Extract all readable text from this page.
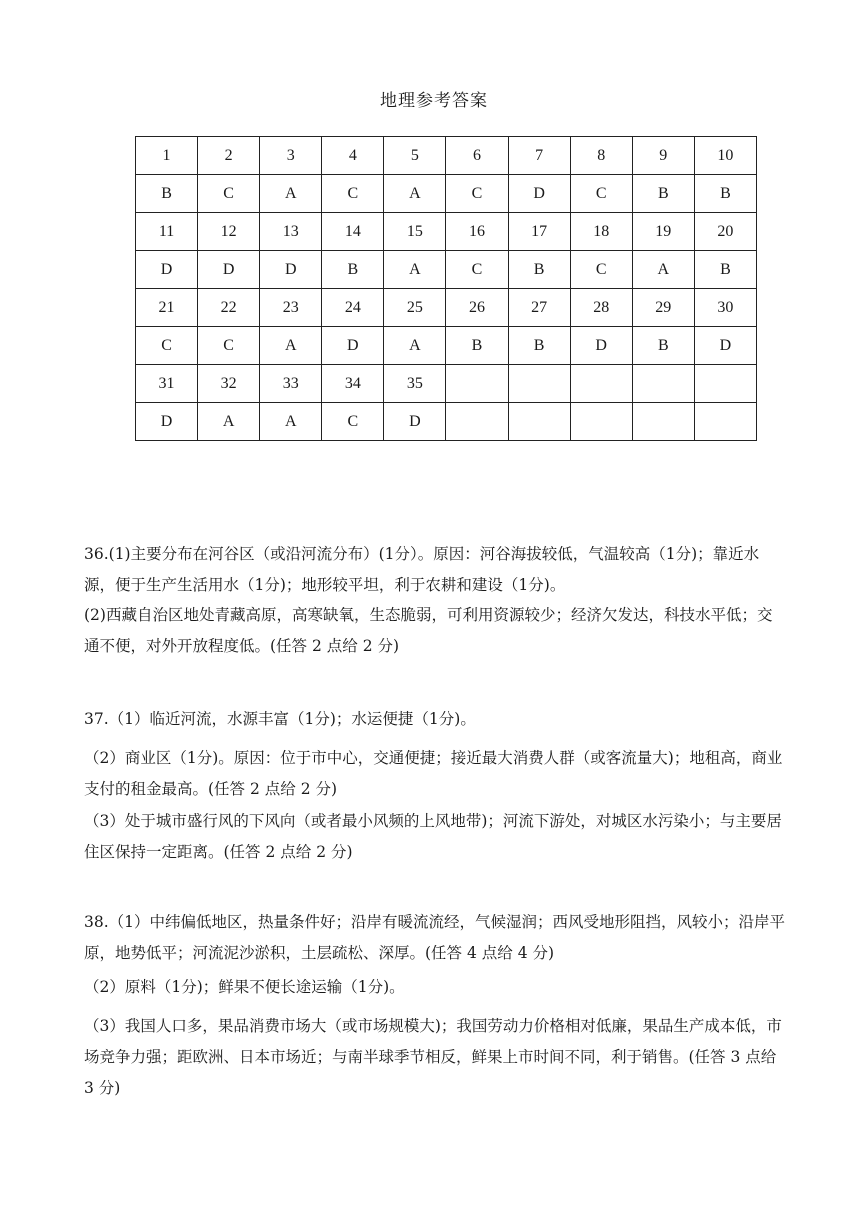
地理参考答案
1	2	3	4	5	6	7	8	9	10
B	C	A	C	A	C	D	C	B	B
11	12	13	14	15	16	17	18	19	20
D	D	D	B	A	C	B	C	A	B
21	22	23	24	25	26	27	28	29	30
C	C	A	D	A	B	B	D	B	D
31	32	33	34	35					
D	A	A	C	D					

36.(1)主要分布在河谷区（或沿河流分布）(1分）。原因：河谷海拔较低，气温较高（1分)；靠近水源，便于生产生活用水（1分)；地形较平坦，利于农耕和建设（1分)。

(2)西藏自治区地处青藏高原，高寒缺氧，生态脆弱，可利用资源较少；经济欠发达，科技水平低；交通不便，对外开放程度低。(任答 2 点给 2 分)

37.（1）临近河流，水源丰富（1分)；水运便捷（1分)。

（2）商业区（1分)。原因：位于市中心，交通便捷；接近最大消费人群（或客流量大)；地租高，商业支付的租金最高。(任答 2 点给 2 分)

（3）处于城市盛行风的下风向（或者最小风频的上风地带)；河流下游处，对城区水污染小；与主要居住区保持一定距离。(任答 2 点给 2 分)

38.（1）中纬偏低地区，热量条件好；沿岸有暖流流经，气候湿润；西风受地形阻挡，风较小；沿岸平原，地势低平；河流泥沙淤积，土层疏松、深厚。(任答 4 点给 4 分)

（2）原料（1分)；鲜果不便长途运输（1分)。

（3）我国人口多，果品消费市场大（或市场规模大)；我国劳动力价格相对低廉，果品生产成本低，市场竞争力强；距欧洲、日本市场近；与南半球季节相反，鲜果上市时间不同，利于销售。(任答 3 点给 3 分)
